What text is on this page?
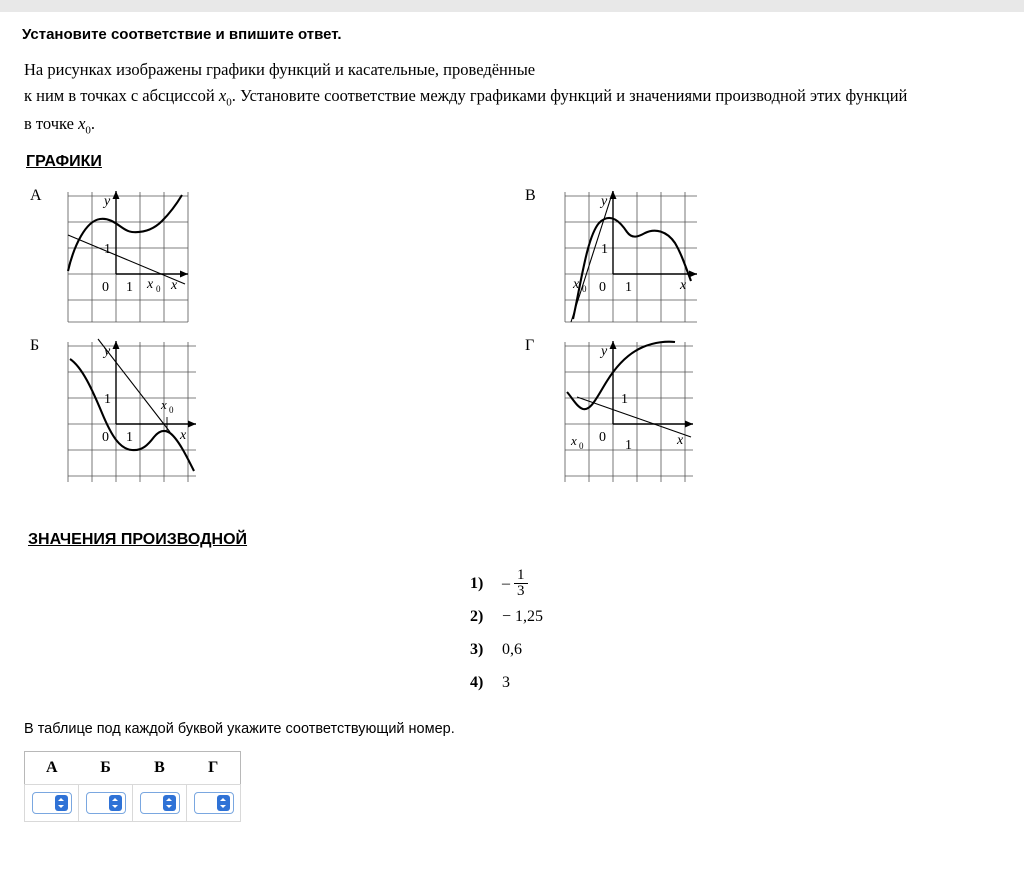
Установите соответствие и впишите ответ.
На рисунках изображены графики функций и касательные, проведённые
к ним в точках с абсциссой $x_0$. Установите соответствие между графиками функций и значениями производной этих функций
в точке $x_0$.
ГРАФИКИ
А
1
0 1 x 0 x
y	В
1
0 1
x 0	x
y
Б
1
0 1
x 0
x
y	Г
1
0
1
x 0	x
y
ЗНАЧЕНИЯ ПРОИЗВОДНОЙ
1)	– $\frac{1}{3}$
2)	− 1,25
3)	0,6
4)	3
В таблице под каждой буквой укажите соответствующий номер.
А	Б	В	Г
